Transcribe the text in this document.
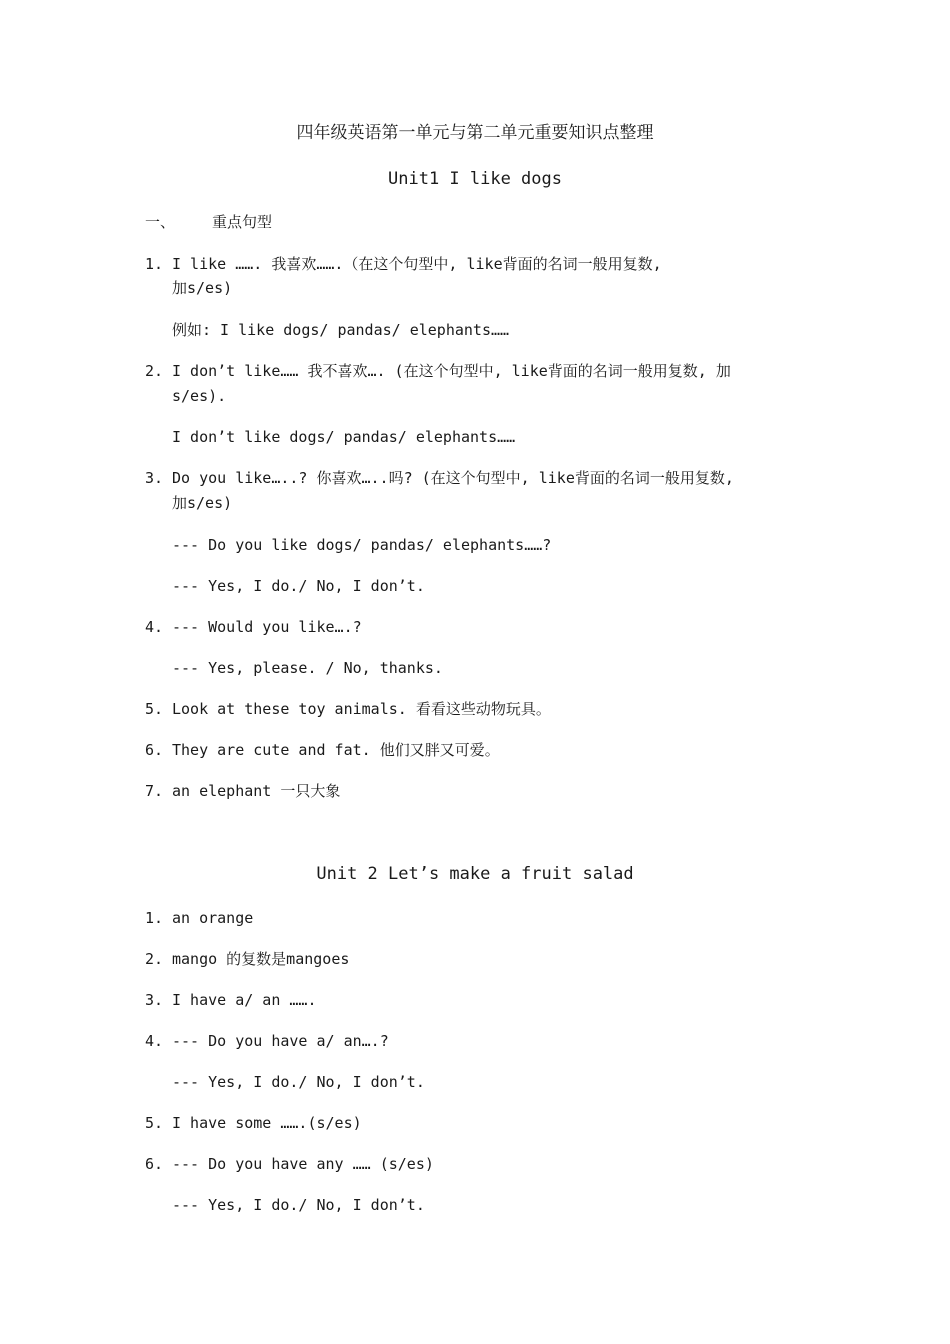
四年级英语第一单元与第二单元重要知识点整理
Unit1 I like dogs
一、 重点句型
1. I like ……. 我喜欢…….（在这个句型中, like背面的名词一般用复数,
加s/es)
例如: I like dogs/ pandas/ elephants……
2. I don’t like…… 我不喜欢…. (在这个句型中, like背面的名词一般用复数, 加
s/es).
I don’t like dogs/ pandas/ elephants……
3. Do you like…..? 你喜欢…..吗? (在这个句型中, like背面的名词一般用复数,
加s/es)
--- Do you like dogs/ pandas/ elephants……?
--- Yes, I do./ No, I don’t.
4. --- Would you like….?
--- Yes, please. / No, thanks.
5. Look at these toy animals. 看看这些动物玩具。
6. They are cute and fat. 他们又胖又可爱。
7. an elephant 一只大象
Unit 2 Let’s make a fruit salad
1. an orange
2. mango 的复数是mangoes
3. I have a/ an …….
4. --- Do you have a/ an….?
--- Yes, I do./ No, I don’t.
5. I have some …….(s/es)
6. --- Do you have any …… (s/es)
--- Yes, I do./ No, I don’t.
